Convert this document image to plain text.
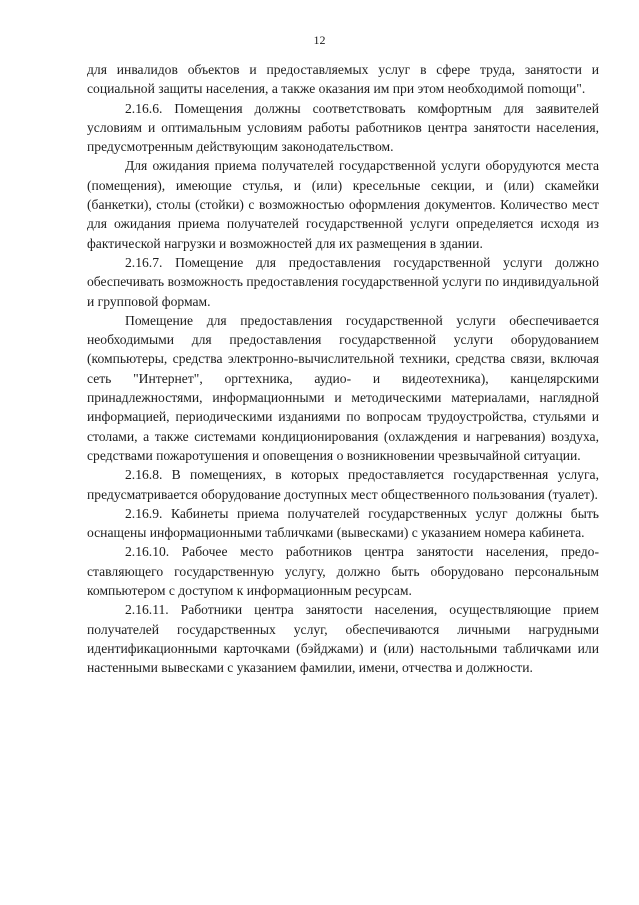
12

для инвалидов объектов и предоставляемых услуг в сфере труда, занятости и социальной защиты населения, а также оказания им при этом необходимой поmощи".

2.16.6. Помещения должны соответствовать комфортным для заявителей условиям и оптимальным условиям работы работников центра занятости населения, предусмотренным действующим законодательством.

Для ожидания приема получателей государственной услуги оборудуются места (помещения), имеющие стулья, и (или) кресельные секции, и (или) скамейки (банкетки), столы (стойки) с возможностью оформления документов. Количество мест для ожидания приема получателей государственной услуги определяется исходя из фактической нагрузки и возможностей для их размещения в здании.

2.16.7. Помещение для предоставления государственной услуги должно обеспечивать возможность предоставления государственной услуги по индивидуальной и групповой формам.

Помещение для предоставления государственной услуги обеспечивается необходимыми для предоставления государственной услуги оборудованием (компьютеры, средства электронно-вычислительной техники, средства связи, включая сеть "Интернет", оргтехника, аудио- и видеотехника), канцелярскими принадлежностями, информационными и методическими материалами, наглядной информацией, периодическими изданиями по вопросам трудоустройства, стульями и столами, а также системами кондиционирования (охлаждения и нагревания) воздуха, средствами пожаротушения и оповещения о возникновении чрезвычайной ситуации.

2.16.8. В помещениях, в которых предоставляется государственная услуга, предусматривается оборудование доступных мест общественного пользования (туалет).

2.16.9. Кабинеты приема получателей государственных услуг должны быть оснащены информационными табличками (вывесками) с указанием номера кабинета.

2.16.10. Рабочее место работников центра занятости населения, предоставляющего государственную услугу, должно быть оборудовано персональным компьютером с доступом к информационным ресурсам.

2.16.11. Работники центра занятости населения, осуществляющие прием получателей государственных услуг, обеспечиваются личными нагрудными идентификационными карточками (бэйджами) и (или) настольными табличками или настенными вывесками с указанием фамилии, имени, отчества и должности.
